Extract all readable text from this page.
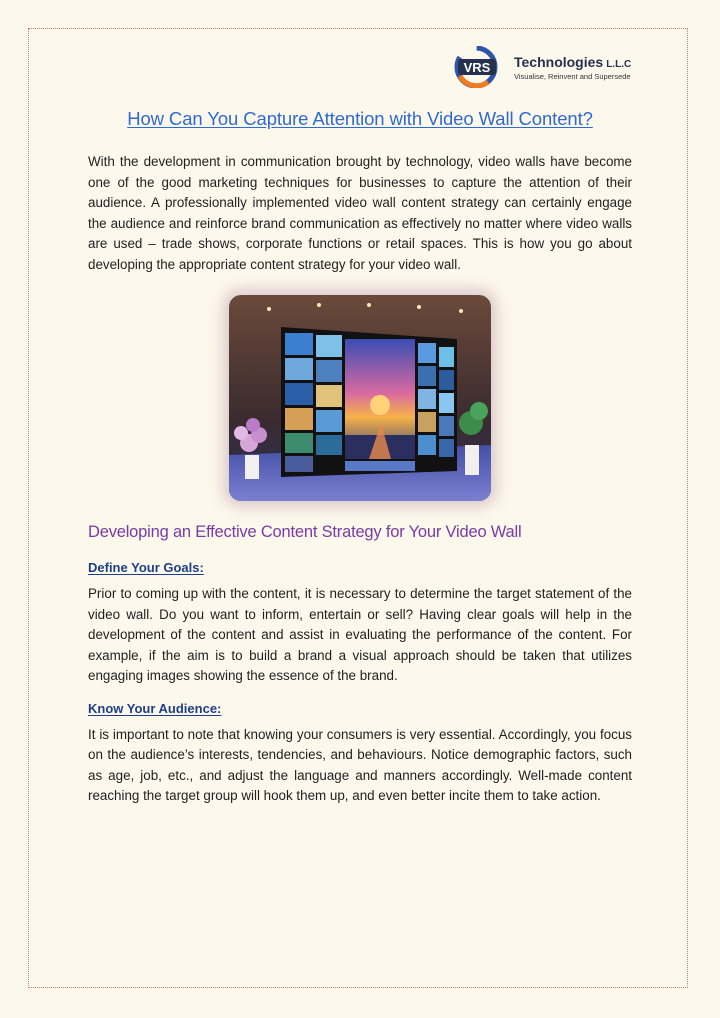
VRS Technologies L.L.C
Visualise, Reinvent and Supersede
How Can You Capture Attention with Video Wall Content?

With the development in communication brought by technology, video walls have become one of the good marketing techniques for businesses to capture the attention of their audience. A professionally implemented video wall content strategy can certainly engage the audience and reinforce brand communication as effectively no matter where video walls are used – trade shows, corporate functions or retail spaces. This is how you go about developing the appropriate content strategy for your video wall.

Developing an Effective Content Strategy for Your Video Wall
Define Your Goals:

Prior to coming up with the content, it is necessary to determine the target statement of the video wall. Do you want to inform, entertain or sell? Having clear goals will help in the development of the content and assist in evaluating the performance of the content. For example, if the aim is to build a brand a visual approach should be taken that utilizes engaging images showing the essence of the brand.

Know Your Audience:

It is important to note that knowing your consumers is very essential. Accordingly, you focus on the audience’s interests, tendencies, and behaviours. Notice demographic factors, such as age, job, etc., and adjust the language and manners accordingly. Well-made content reaching the target group will hook them up, and even better incite them to take action.
